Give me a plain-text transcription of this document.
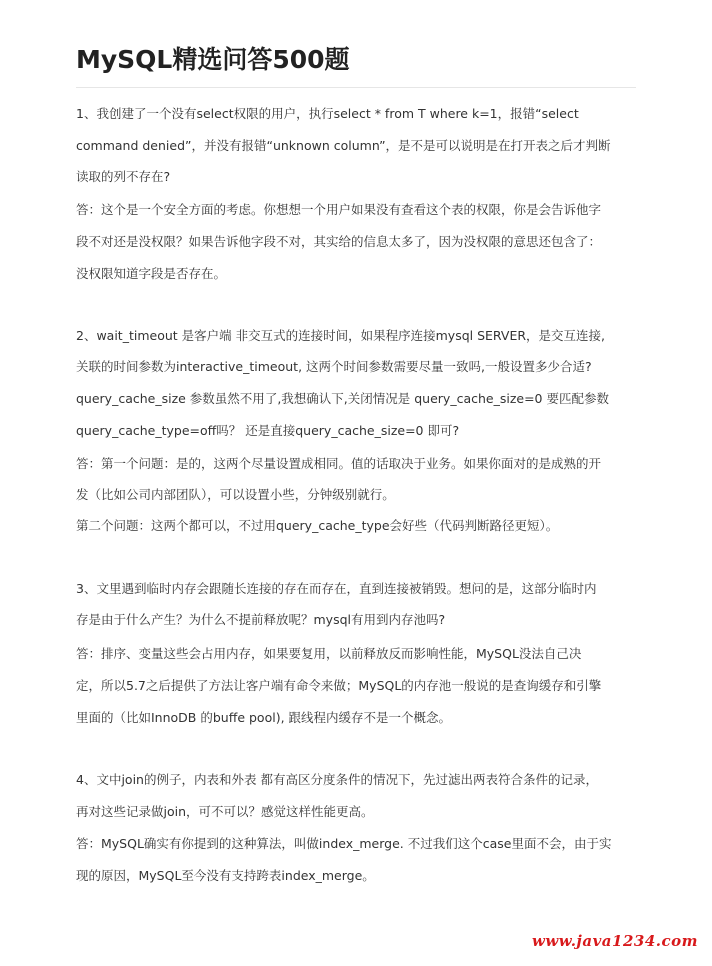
MySQL精选问答500题
1、我创建了一个没有select权限的用户，执行select * from T where k=1，报错“select
command denied”，并没有报错“unknown column”，是不是可以说明是在打开表之后才判断
读取的列不存在?
答：这个是一个安全方面的考虑。你想想一个用户如果没有查看这个表的权限，你是会告诉他字
段不对还是没权限？如果告诉他字段不对，其实给的信息太多了，因为没权限的意思还包含了：
没权限知道字段是否存在。
2、wait_timeout 是客户端 非交互式的连接时间，如果程序连接mysql SERVER，是交互连接,
关联的时间参数为interactive_timeout, 这两个时间参数需要尽量一致吗,一般设置多少合适?
query_cache_size 参数虽然不用了,我想确认下,关闭情况是 query_cache_size=0 要匹配参数
query_cache_type=off吗？ 还是直接query_cache_size=0 即可?
答：第一个问题：是的，这两个尽量设置成相同。值的话取决于业务。如果你面对的是成熟的开
发（比如公司内部团队），可以设置小些，分钟级别就行。
第二个问题：这两个都可以，不过用query_cache_type会好些（代码判断路径更短）。
3、文里遇到临时内存会跟随长连接的存在而存在，直到连接被销毁。想问的是，这部分临时内
存是由于什么产生？为什么不提前释放呢？mysql有用到内存池吗?
答：排序、变量这些会占用内存，如果要复用，以前释放反而影响性能，MySQL没法自己决
定，所以5.7之后提供了方法让客户端有命令来做；MySQL的内存池一般说的是查询缓存和引擎
里面的（比如InnoDB 的buffe pool), 跟线程内缓存不是一个概念。
4、文中join的例子，内表和外表 都有高区分度条件的情况下，先过滤出两表符合条件的记录，
再对这些记录做join，可不可以？感觉这样性能更高。
答：MySQL确实有你提到的这种算法，叫做index_merge. 不过我们这个case里面不会，由于实
现的原因，MySQL至今没有支持跨表index_merge。
www.java1234.com
